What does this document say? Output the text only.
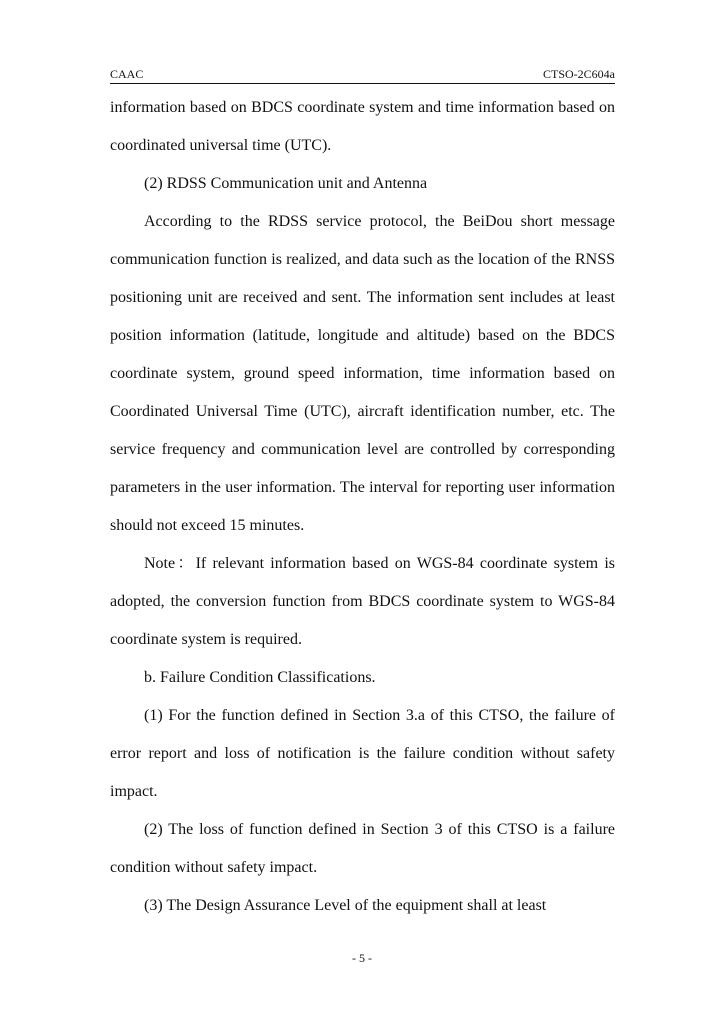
CAAC	CTSO-2C604a

information based on BDCS coordinate system and time information based on coordinated universal time (UTC).

(2) RDSS Communication unit and Antenna

According to the RDSS service protocol, the BeiDou short message communication function is realized, and data such as the location of the RNSS positioning unit are received and sent. The information sent includes at least position information (latitude, longitude and altitude) based on the BDCS coordinate system, ground speed information, time information based on Coordinated Universal Time (UTC), aircraft identification number, etc. The service frequency and communication level are controlled by corresponding parameters in the user information. The interval for reporting user information should not exceed 15 minutes.

Note：If relevant information based on WGS-84 coordinate system is adopted, the conversion function from BDCS coordinate system to WGS-84 coordinate system is required.

b. Failure Condition Classifications.

(1) For the function defined in Section 3.a of this CTSO, the failure of error report and loss of notification is the failure condition without safety impact.

(2) The loss of function defined in Section 3 of this CTSO is a failure condition without safety impact.

(3) The Design Assurance Level of the equipment shall at least

- 5 -
